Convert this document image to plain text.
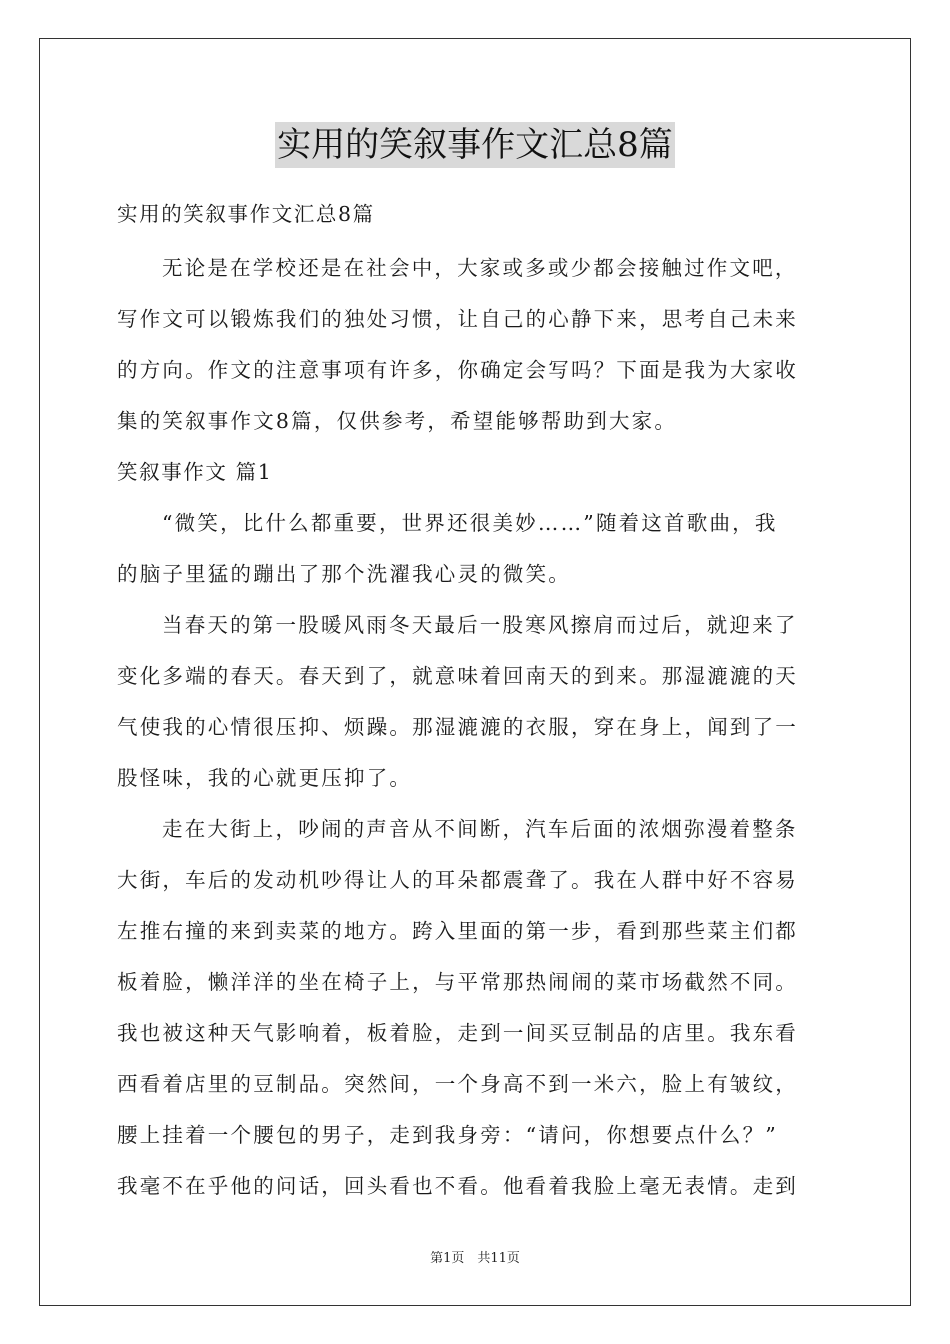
实用的笑叙事作文汇总8篇

实用的笑叙事作文汇总8篇

无论是在学校还是在社会中，大家或多或少都会接触过作文吧，

写作文可以锻炼我们的独处习惯，让自己的心静下来，思考自己未来

的方向。作文的注意事项有许多，你确定会写吗？下面是我为大家收

集的笑叙事作文8篇，仅供参考，希望能够帮助到大家。

笑叙事作文 篇1

“微笑，比什么都重要，世界还很美妙……”随着这首歌曲，我

的脑子里猛的蹦出了那个洗濯我心灵的微笑。

当春天的第一股暖风雨冬天最后一股寒风擦肩而过后，就迎来了

变化多端的春天。春天到了，就意味着回南天的到来。那湿漉漉的天

气使我的心情很压抑、烦躁。那湿漉漉的衣服，穿在身上，闻到了一

股怪味，我的心就更压抑了。

走在大街上，吵闹的声音从不间断，汽车后面的浓烟弥漫着整条

大街，车后的发动机吵得让人的耳朵都震聋了。我在人群中好不容易

左推右撞的来到卖菜的地方。跨入里面的第一步，看到那些菜主们都

板着脸，懒洋洋的坐在椅子上，与平常那热闹闹的菜市场截然不同。

我也被这种天气影响着，板着脸，走到一间买豆制品的店里。我东看

西看着店里的豆制品。突然间，一个身高不到一米六，脸上有皱纹，

腰上挂着一个腰包的男子，走到我身旁：“请问，你想要点什么？”

我毫不在乎他的问话，回头看也不看。他看着我脸上毫无表情。走到

第1页　共11页
